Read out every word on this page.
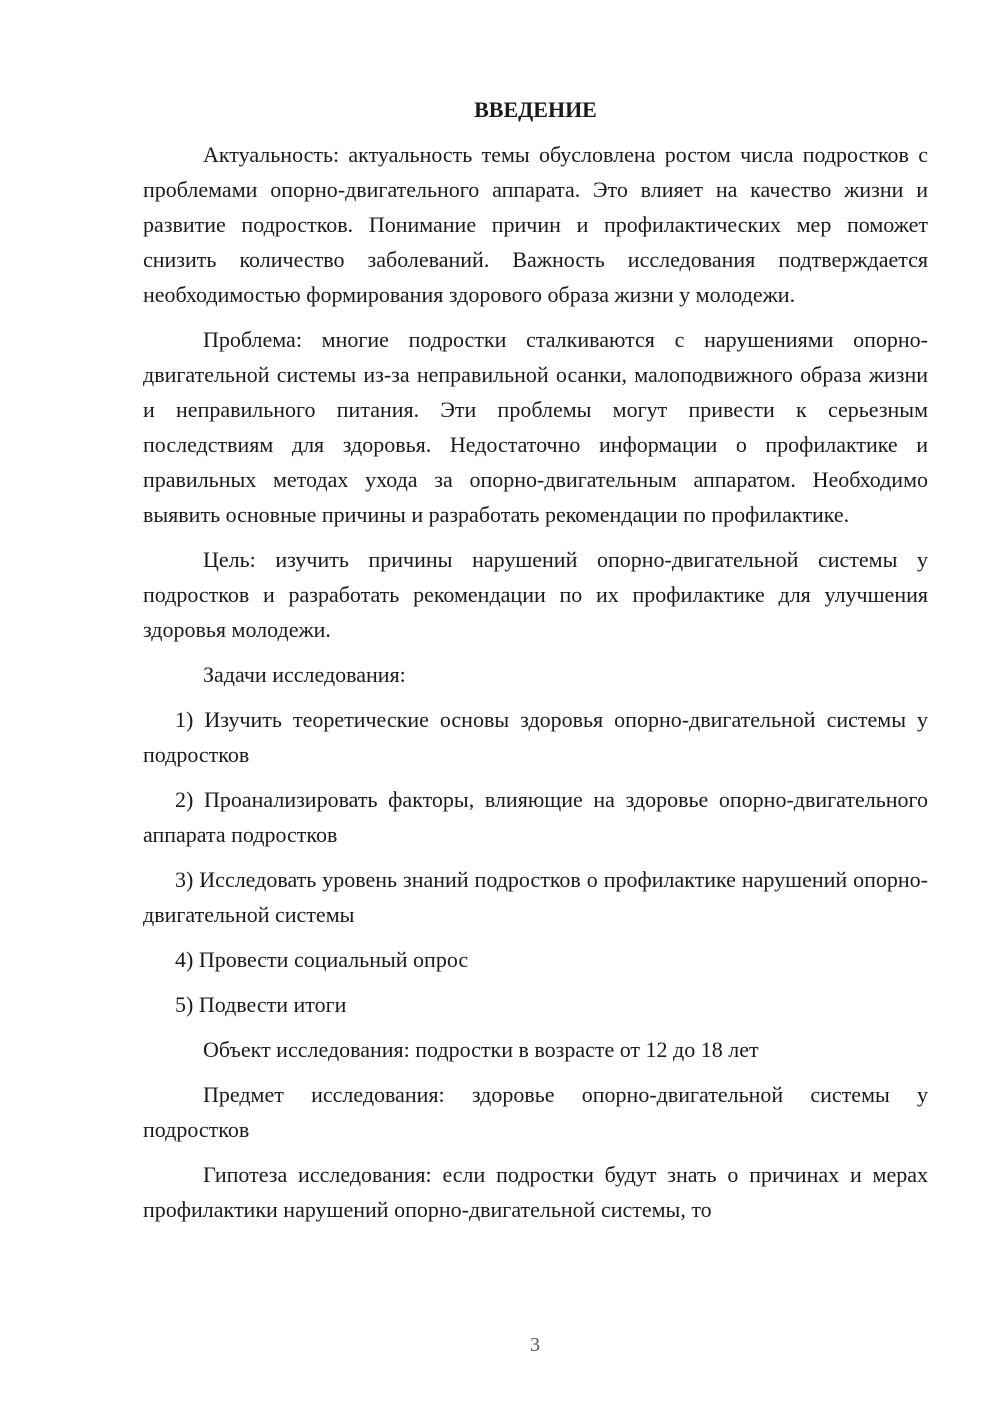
ВВЕДЕНИЕ

Актуальность: актуальность темы обусловлена ростом числа подростков с проблемами опорно-двигательного аппарата. Это влияет на качество жизни и развитие подростков. Понимание причин и профилактических мер поможет снизить количество заболеваний. Важность исследования подтверждается необходимостью формирования здорового образа жизни у молодежи.

Проблема: многие подростки сталкиваются с нарушениями опорно-двигательной системы из-за неправильной осанки, малоподвижного образа жизни и неправильного питания. Эти проблемы могут привести к серьезным последствиям для здоровья. Недостаточно информации о профилактике и правильных методах ухода за опорно-двигательным аппаратом. Необходимо выявить основные причины и разработать рекомендации по профилактике.

Цель: изучить причины нарушений опорно-двигательной системы у подростков и разработать рекомендации по их профилактике для улучшения здоровья молодежи.

Задачи исследования:

1) Изучить теоретические основы здоровья опорно-двигательной системы у подростков

2) Проанализировать факторы, влияющие на здоровье опорно-двигательного аппарата подростков

3) Исследовать уровень знаний подростков о профилактике нарушений опорно-двигательной системы

4) Провести социальный опрос

5) Подвести итоги

Объект исследования: подростки в возрасте от 12 до 18 лет

Предмет исследования: здоровье опорно-двигательной системы у подростков

Гипотеза исследования: если подростки будут знать о причинах и мерах профилактики нарушений опорно-двигательной системы, то

3
